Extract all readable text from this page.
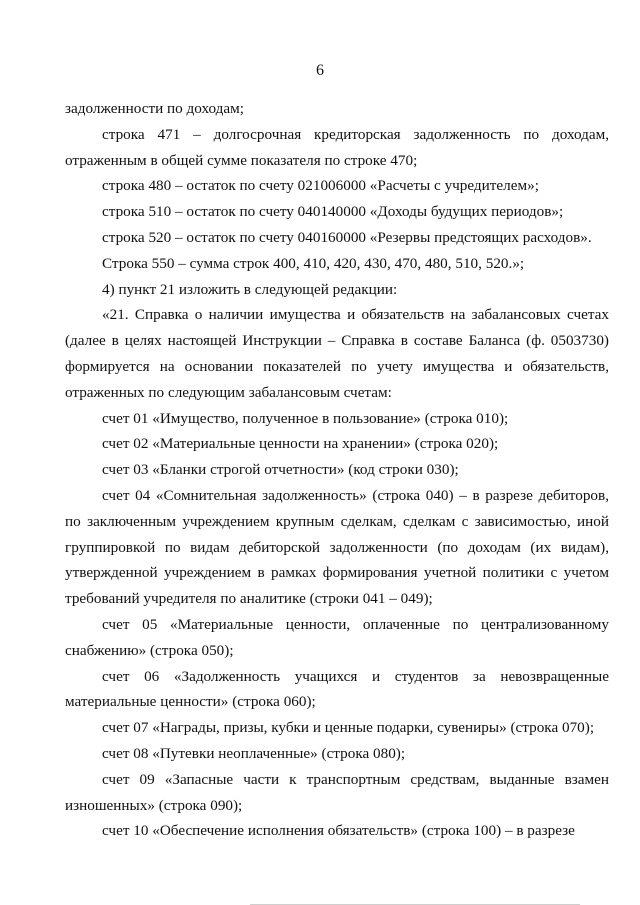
6

задолженности по доходам;

строка 471 – долгосрочная кредиторская задолженность по доходам, отраженным в общей сумме показателя по строке 470;

строка 480 – остаток по счету 021006000 «Расчеты с учредителем»;

строка 510 – остаток по счету 040140000 «Доходы будущих периодов»;

строка 520 – остаток по счету 040160000 «Резервы предстоящих расходов».

Строка 550 – сумма строк 400, 410, 420, 430, 470, 480, 510, 520.»;

4) пункт 21 изложить в следующей редакции:

«21. Справка о наличии имущества и обязательств на забалансовых счетах (далее в целях настоящей Инструкции – Справка в составе Баланса (ф. 0503730) формируется на основании показателей по учету имущества и обязательств, отраженных по следующим забалансовым счетам:

счет 01 «Имущество, полученное в пользование» (строка 010);

счет 02 «Материальные ценности на хранении» (строка 020);

счет 03 «Бланки строгой отчетности» (код строки 030);

счет 04 «Сомнительная задолженность» (строка 040) – в разрезе дебиторов, по заключенным учреждением крупным сделкам, сделкам с зависимостью, иной группировкой по видам дебиторской задолженности (по доходам (их видам), утвержденной учреждением в рамках формирования учетной политики с учетом требований учредителя по аналитике (строки 041 – 049);

счет 05 «Материальные ценности, оплаченные по централизованному снабжению» (строка 050);

счет 06 «Задолженность учащихся и студентов за невозвращенные материальные ценности» (строка 060);

счет 07 «Награды, призы, кубки и ценные подарки, сувениры» (строка 070);

счет 08 «Путевки неоплаченные» (строка 080);

счет 09 «Запасные части к транспортным средствам, выданные взамен изношенных» (строка 090);

счет 10 «Обеспечение исполнения обязательств» (строка 100) – в разрезе
